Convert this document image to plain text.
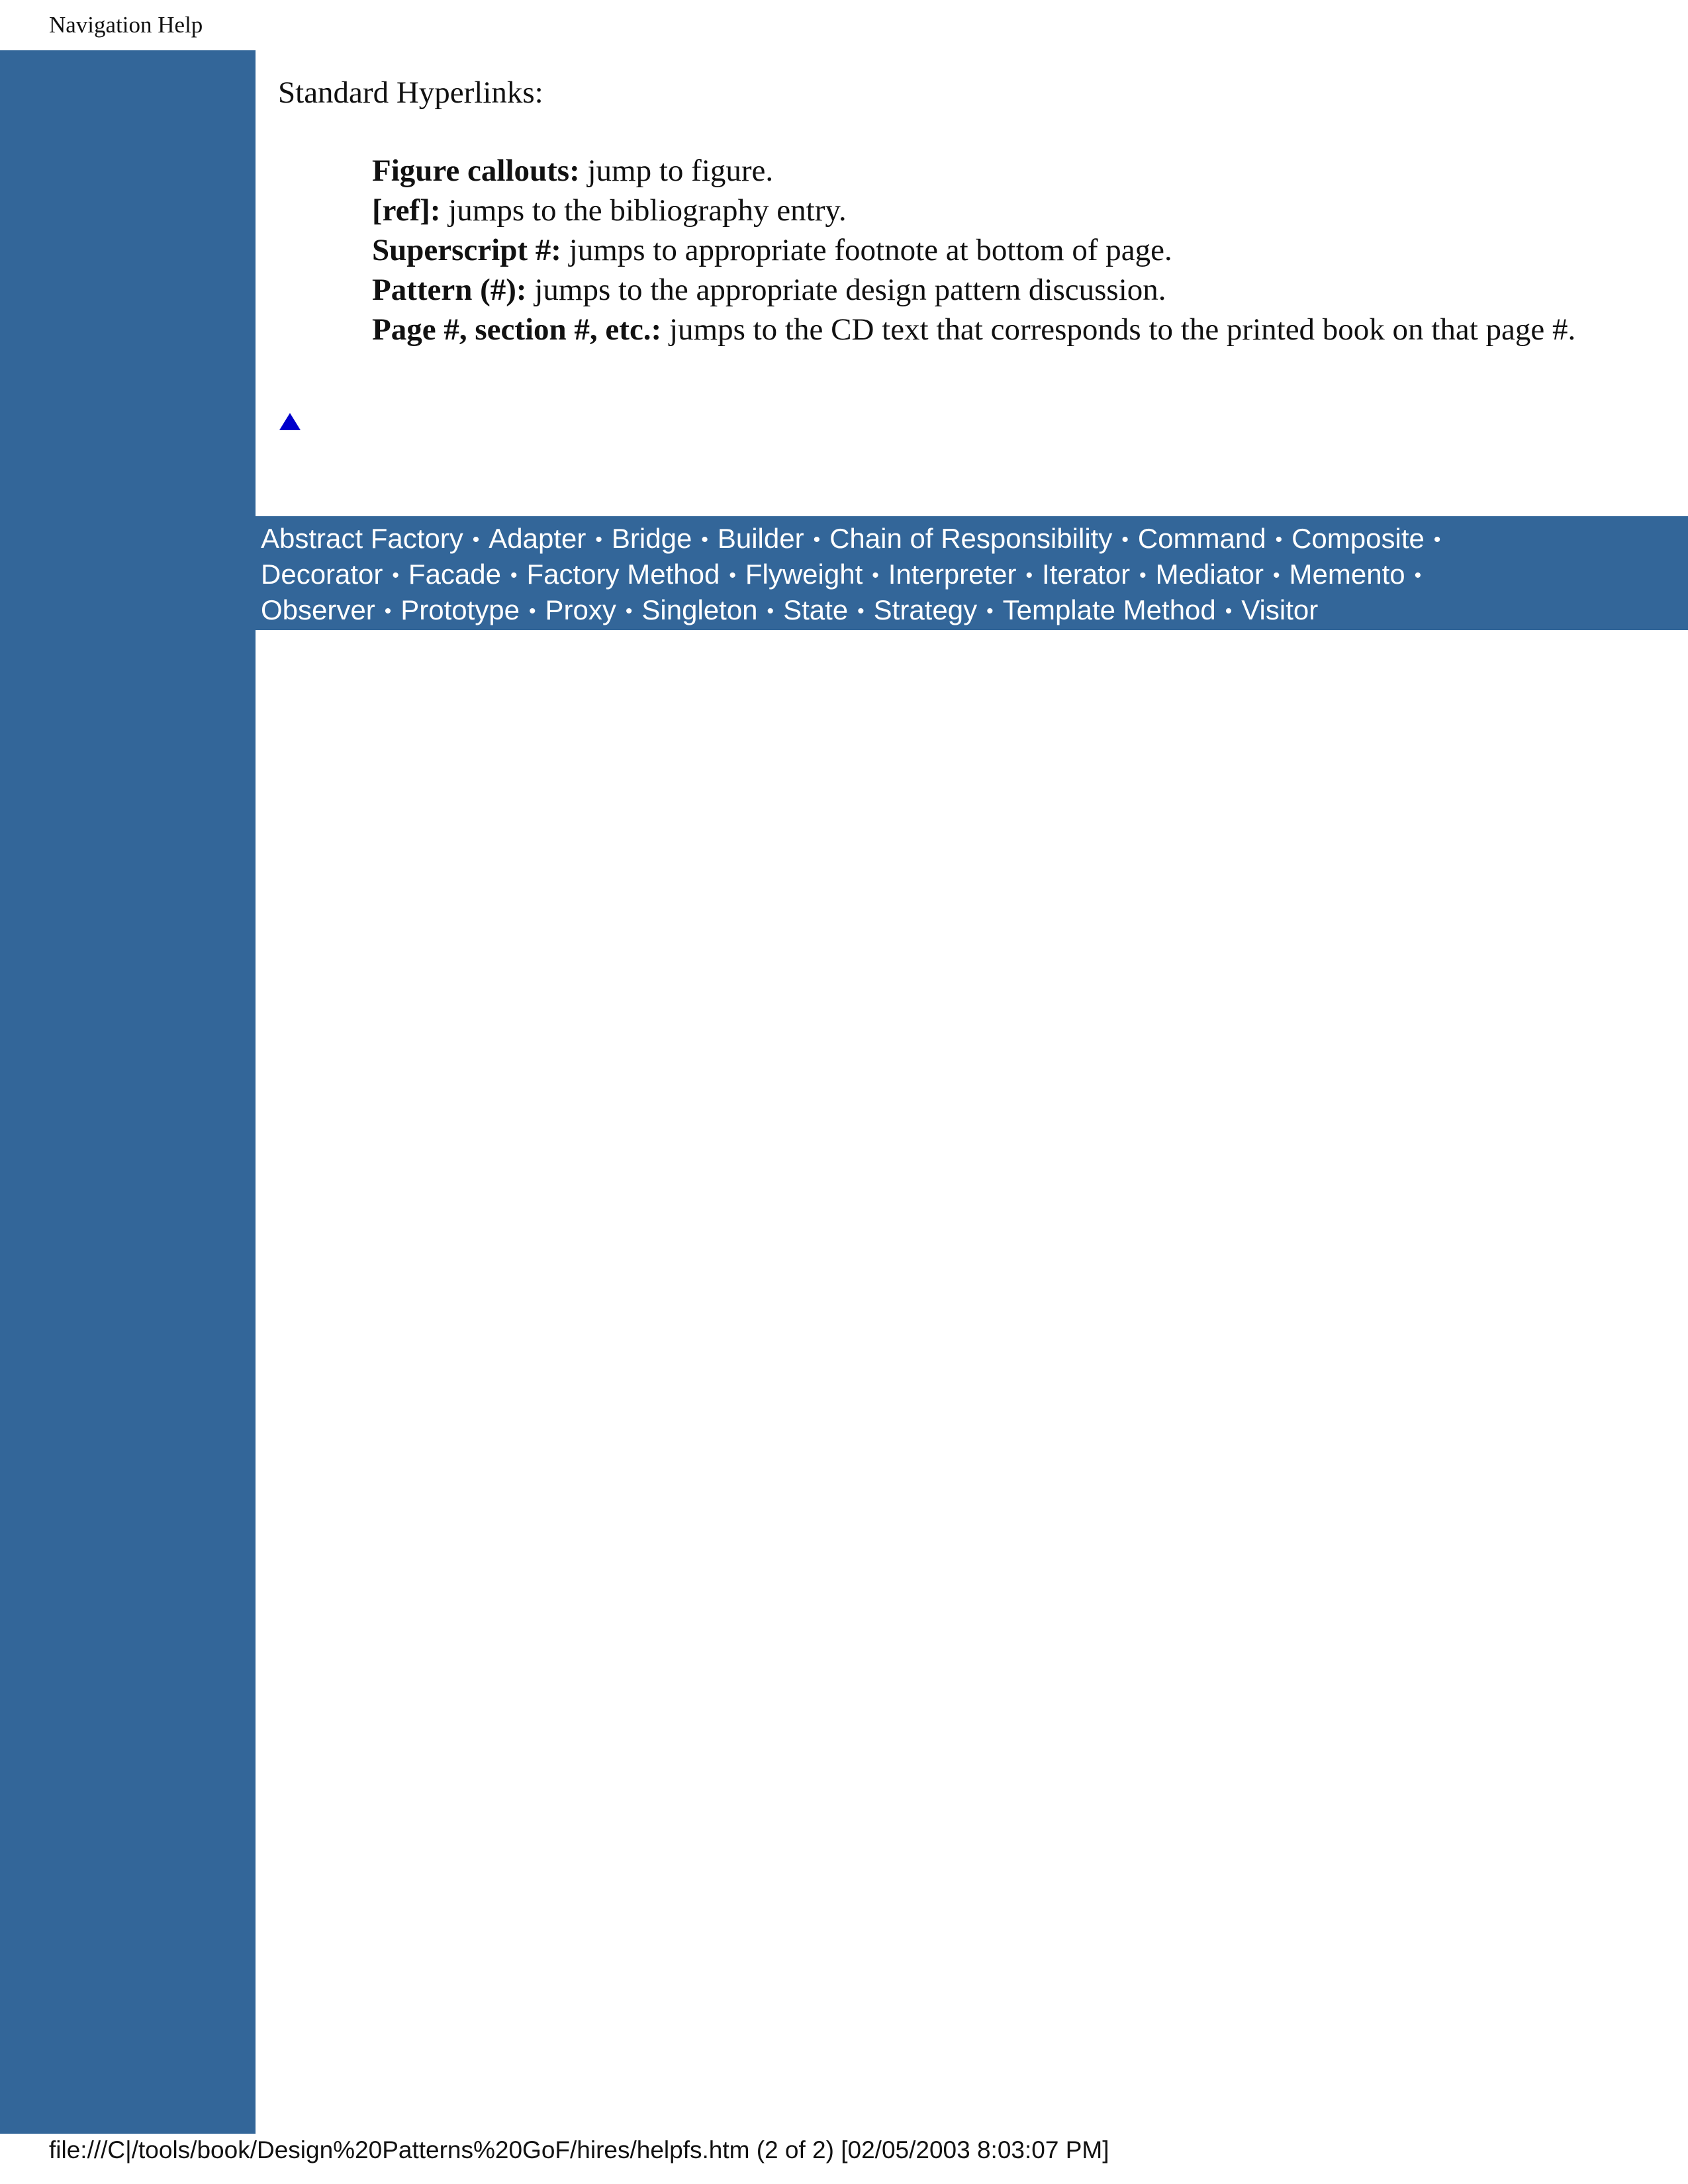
Navigation Help
Standard Hyperlinks:
Figure callouts: jump to figure.
[ref]: jumps to the bibliography entry.
Superscript #: jumps to appropriate footnote at bottom of page.
Pattern (#): jumps to the appropriate design pattern discussion.
Page #, section #, etc.: jumps to the CD text that corresponds to the printed book on that page #.
Abstract Factory • Adapter • Bridge • Builder • Chain of Responsibility • Command • Composite •
Decorator • Facade • Factory Method • Flyweight • Interpreter • Iterator • Mediator • Memento •
Observer • Prototype • Proxy • Singleton • State • Strategy • Template Method • Visitor
file:///C|/tools/book/Design%20Patterns%20GoF/hires/helpfs.htm (2 of 2) [02/05/2003 8:03:07 PM]
